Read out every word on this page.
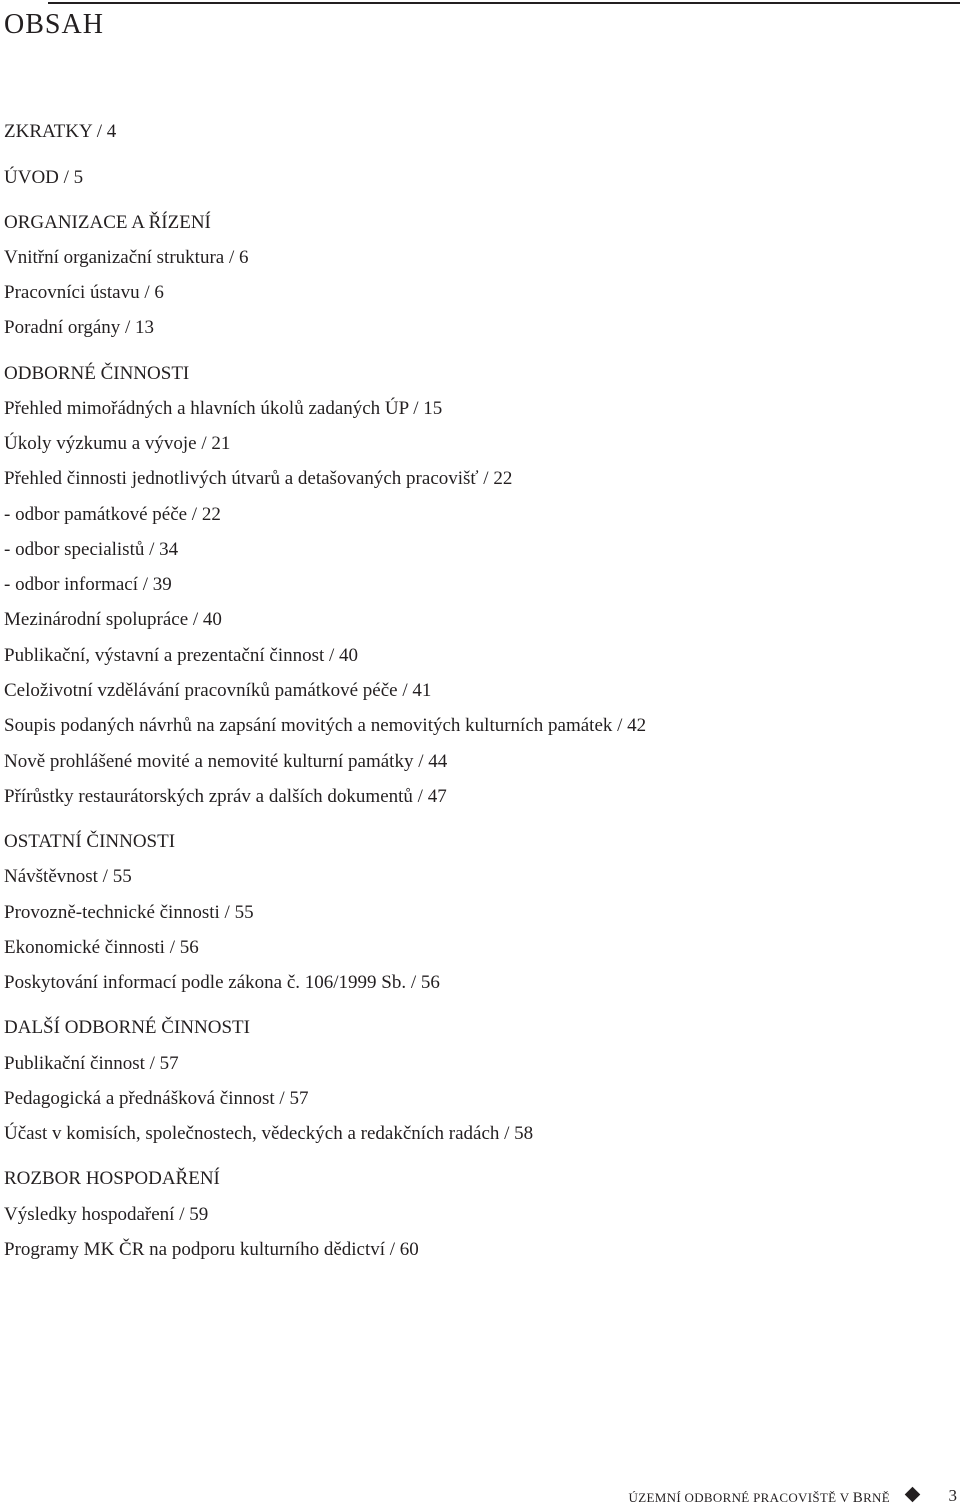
OBSAH
ZKRATKY / 4
ÚVOD / 5
ORGANIZACE A ŘÍZENÍ
Vnitřní organizační struktura / 6
Pracovníci ústavu / 6
Poradní orgány / 13
ODBORNÉ ČINNOSTI
Přehled mimořádných a hlavních úkolů zadaných ÚP / 15
Úkoly výzkumu a vývoje / 21
Přehled činnosti jednotlivých útvarů a detašovaných pracovišť / 22
- odbor památkové péče / 22
- odbor specialistů / 34
- odbor informací / 39
Mezinárodní spolupráce / 40
Publikační, výstavní a prezentační činnost / 40
Celoživotní vzdělávání pracovníků památkové péče / 41
Soupis podaných návrhů na zapsání movitých a nemovitých kulturních památek / 42
Nově prohlášené movité a nemovité kulturní památky / 44
Přírůstky restaurátorských zpráv a dalších dokumentů / 47
OSTATNÍ ČINNOSTI
Návštěvnost / 55
Provozně-technické činnosti / 55
Ekonomické činnosti / 56
Poskytování informací podle zákona č. 106/1999 Sb. / 56
DALŠÍ ODBORNÉ ČINNOSTI
Publikační činnost / 57
Pedagogická a přednášková činnost / 57
Účast v komisích, společnostech, vědeckých a redakčních radách / 58
ROZBOR HOSPODAŘENÍ
Výsledky hospodaření / 59
Programy MK ČR na podporu kulturního dědictví / 60
ÚZEMNÍ ODBORNÉ PRACOVIŠTĚ V BRNĚ	3
